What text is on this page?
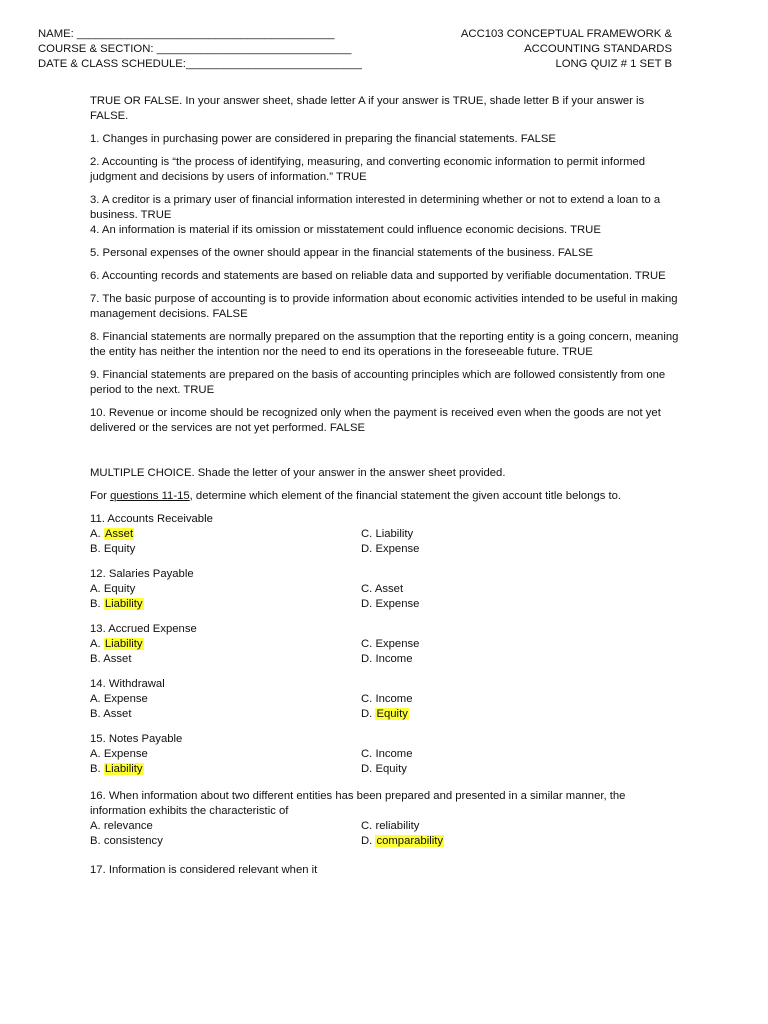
NAME: _________________________________________
COURSE & SECTION: _______________________________
DATE & CLASS SCHEDULE:____________________________
ACC103 CONCEPTUAL FRAMEWORK &
ACCOUNTING STANDARDS
LONG QUIZ # 1 SET B

TRUE OR FALSE. In your answer sheet, shade letter A if your answer is TRUE, shade letter B if your answer is FALSE.

1. Changes in purchasing power are considered in preparing the financial statements. FALSE

2. Accounting is “the process of identifying, measuring, and converting economic information to permit informed judgment and decisions by users of information.” TRUE

3. A creditor is a primary user of financial information interested in determining whether or not to extend a loan to a business. TRUE

4. An information is material if its omission or misstatement could influence economic decisions. TRUE

5. Personal expenses of the owner should appear in the financial statements of the business. FALSE

6. Accounting records and statements are based on reliable data and supported by verifiable documentation. TRUE

7. The basic purpose of accounting is to provide information about economic activities intended to be useful in making management decisions. FALSE

8. Financial statements are normally prepared on the assumption that the reporting entity is a going concern, meaning the entity has neither the intention nor the need to end its operations in the foreseeable future. TRUE

9. Financial statements are prepared on the basis of accounting principles which are followed consistently from one period to the next. TRUE

10. Revenue or income should be recognized only when the payment is received even when the goods are not yet delivered or the services are not yet performed. FALSE

MULTIPLE CHOICE. Shade the letter of your answer in the answer sheet provided.

For questions 11-15, determine which element of the financial statement the given account title belongs to.

11. Accounts Receivable

A. Asset	C. Liability
B. Equity	D. Expense

12. Salaries Payable

A. Equity	C. Asset
B. Liability	D. Expense

13. Accrued Expense

A. Liability	C. Expense
B. Asset	D. Income

14. Withdrawal

A. Expense	C. Income
B. Asset	D. Equity

15. Notes Payable

A. Expense	C. Income
B. Liability	D. Equity

16. When information about two different entities has been prepared and presented in a similar manner, the information exhibits the characteristic of

A. relevance	C. reliability
B. consistency	D. comparability

17. Information is considered relevant when it
